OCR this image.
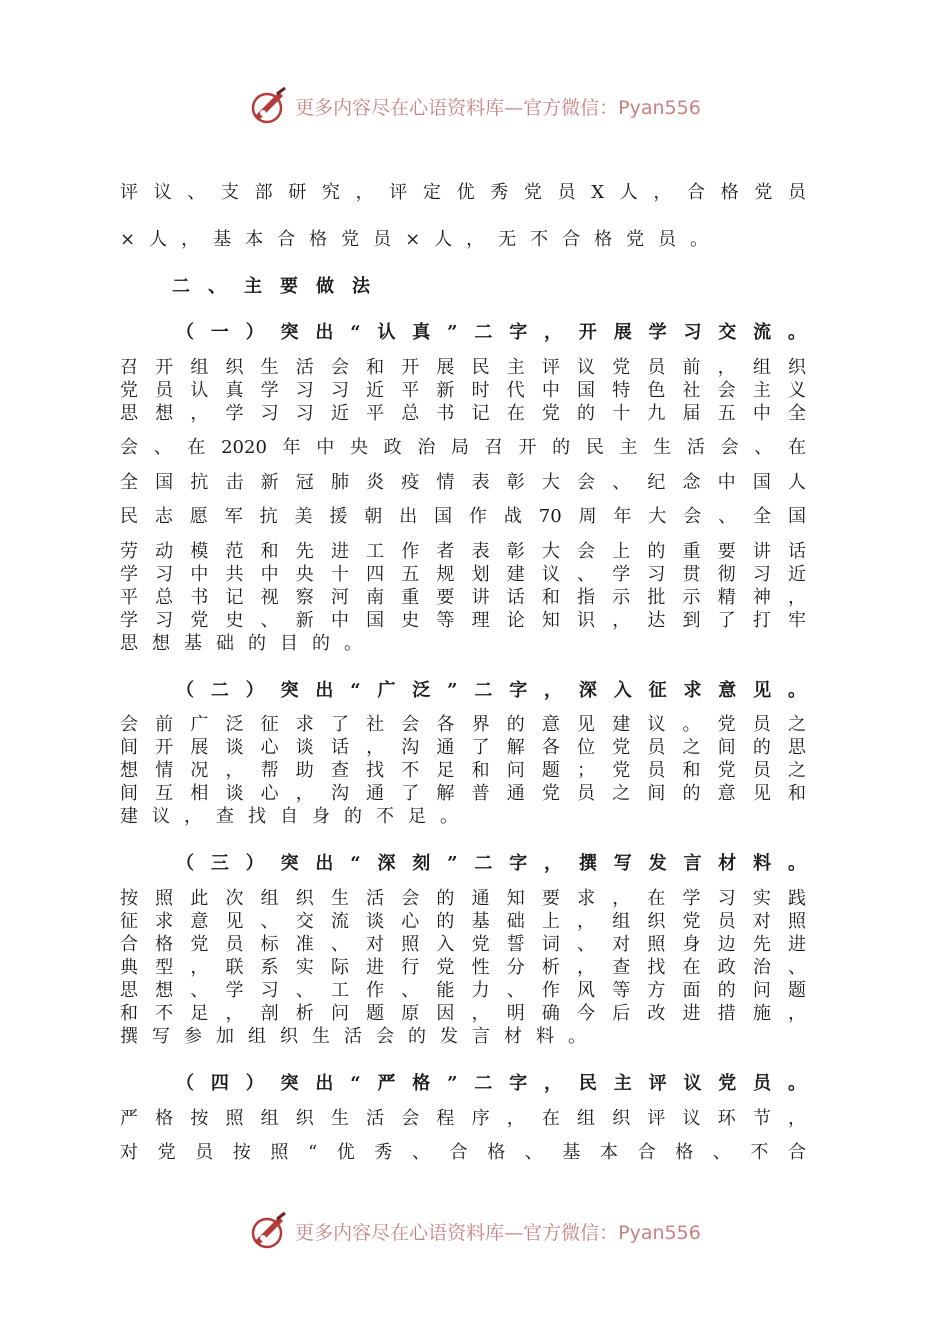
更多内容尽在心语资料库—官方微信：Pyan556
评议、支部研究，评定优秀党员X人，合格党员
×人，基本合格党员×人，无不合格党员。
二、主要做法
（一）突出“认真”二字，开展学习交流。
召开组织生活会和开展民主评议党员前，组织
党员认真学习习近平新时代中国特色社会主义
思想，学习习近平总书记在党的十九届五中全
会、在2020年中央政治局召开的民主生活会、在
全国抗击新冠肺炎疫情表彰大会、纪念中国人
民志愿军抗美援朝出国作战70周年大会、全国
劳动模范和先进工作者表彰大会上的重要讲话
学习中共中央十四五规划建议、学习贯彻习近
平总书记视察河南重要讲话和指示批示精神，
学习党史、新中国史等理论知识，达到了打牢
思想基础的目的。
（二）突出“广泛”二字，深入征求意见。
会前广泛征求了社会各界的意见建议。党员之
间开展谈心谈话，沟通了解各位党员之间的思
想情况，帮助查找不足和问题；党员和党员之
间互相谈心，沟通了解普通党员之间的意见和
建议，查找自身的不足。
（三）突出“深刻”二字，撰写发言材料。
按照此次组织生活会的通知要求，在学习实践
征求意见、交流谈心的基础上，组织党员对照
合格党员标准、对照入党誓词、对照身边先进
典型，联系实际进行党性分析，查找在政治、
思想、学习、工作、能力、作风等方面的问题
和不足，剖析问题原因，明确今后改进措施，
撰写参加组织生活会的发言材料。
（四）突出“严格”二字，民主评议党员。
严格按照组织生活会程序，在组织评议环节，
对党员按照“优秀、合格、基本合格、不合
更多内容尽在心语资料库—官方微信：Pyan556
